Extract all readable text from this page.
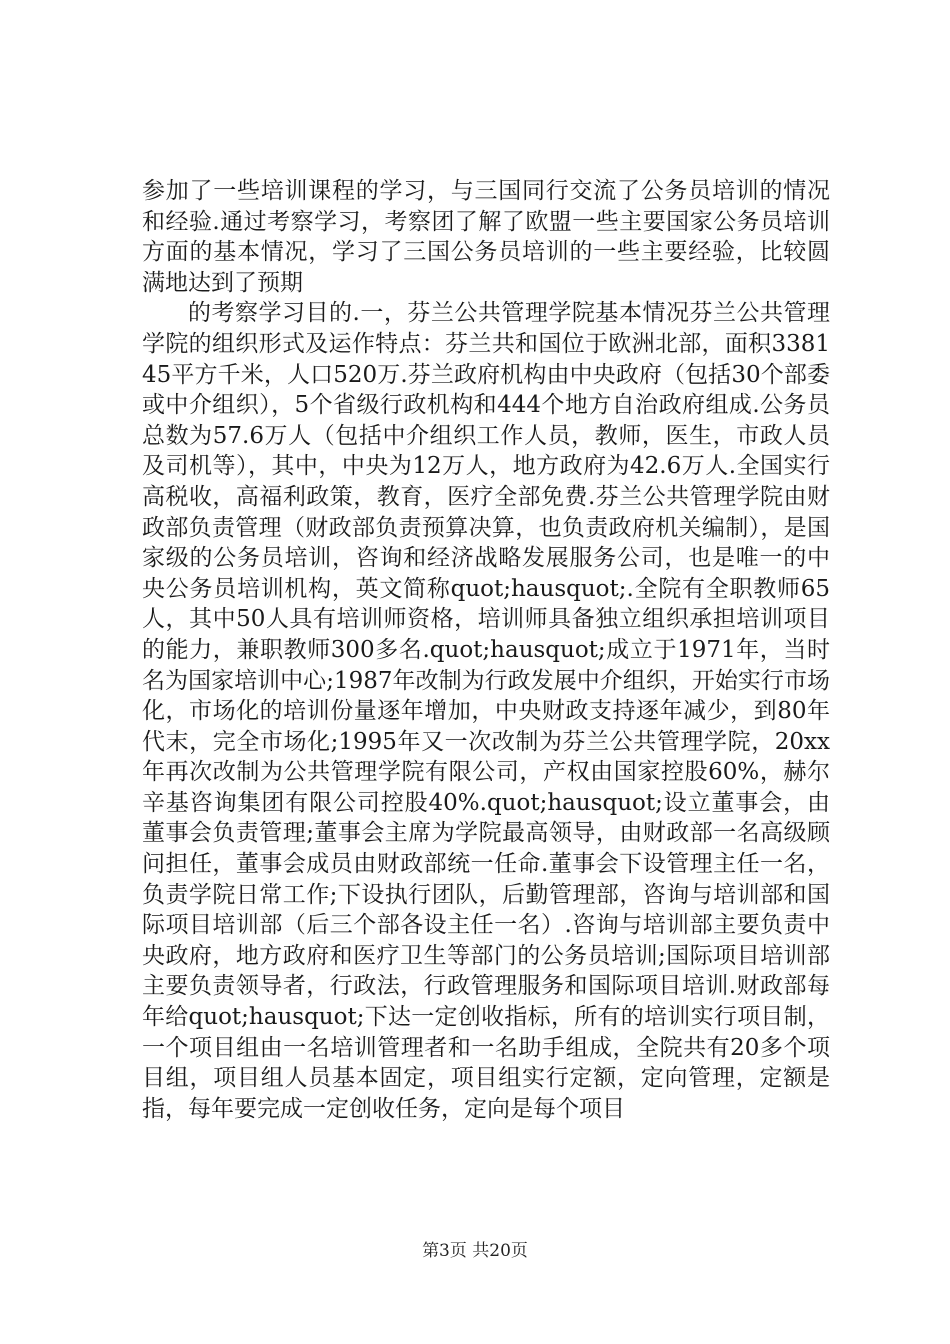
参加了一些培训课程的学习，与三国同行交流了公务员培训的情况和经验.通过考察学习，考察团了解了欧盟一些主要国家公务员培训方面的基本情况，学习了三国公务员培训的一些主要经验，比较圆满地达到了预期

的考察学习目的.一，芬兰公共管理学院基本情况芬兰公共管理学院的组织形式及运作特点：芬兰共和国位于欧洲北部，面积338145平方千米，人口520万.芬兰政府机构由中央政府（包括30个部委或中介组织），5个省级行政机构和444个地方自治政府组成.公务员总数为57.6万人（包括中介组织工作人员，教师，医生，市政人员及司机等），其中，中央为12万人，地方政府为42.6万人.全国实行高税收，高福利政策，教育，医疗全部免费.芬兰公共管理学院由财政部负责管理（财政部负责预算决算，也负责政府机关编制），是国家级的公务员培训，咨询和经济战略发展服务公司，也是唯一的中央公务员培训机构，英文简称quot;hausquot;.全院有全职教师65人，其中50人具有培训师资格，培训师具备独立组织承担培训项目的能力，兼职教师300多名.quot;hausquot;成立于1971年，当时名为国家培训中心;1987年改制为行政发展中介组织，开始实行市场化，市场化的培训份量逐年增加，中央财政支持逐年减少，到80年代末，完全市场化;1995年又一次改制为芬兰公共管理学院，20xx年再次改制为公共管理学院有限公司，产权由国家控股60%，赫尔辛基咨询集团有限公司控股40%.quot;hausquot;设立董事会，由董事会负责管理;董事会主席为学院最高领导，由财政部一名高级顾问担任，董事会成员由财政部统一任命.董事会下设管理主任一名，负责学院日常工作;下设执行团队，后勤管理部，咨询与培训部和国际项目培训部（后三个部各设主任一名）.咨询与培训部主要负责中央政府，地方政府和医疗卫生等部门的公务员培训;国际项目培训部主要负责领导者，行政法，行政管理服务和国际项目培训.财政部每年给quot;hausquot;下达一定创收指标，所有的培训实行项目制，一个项目组由一名培训管理者和一名助手组成，全院共有20多个项目组，项目组人员基本固定，项目组实行定额，定向管理，定额是指，每年要完成一定创收任务，定向是每个项目

第3页 共20页
